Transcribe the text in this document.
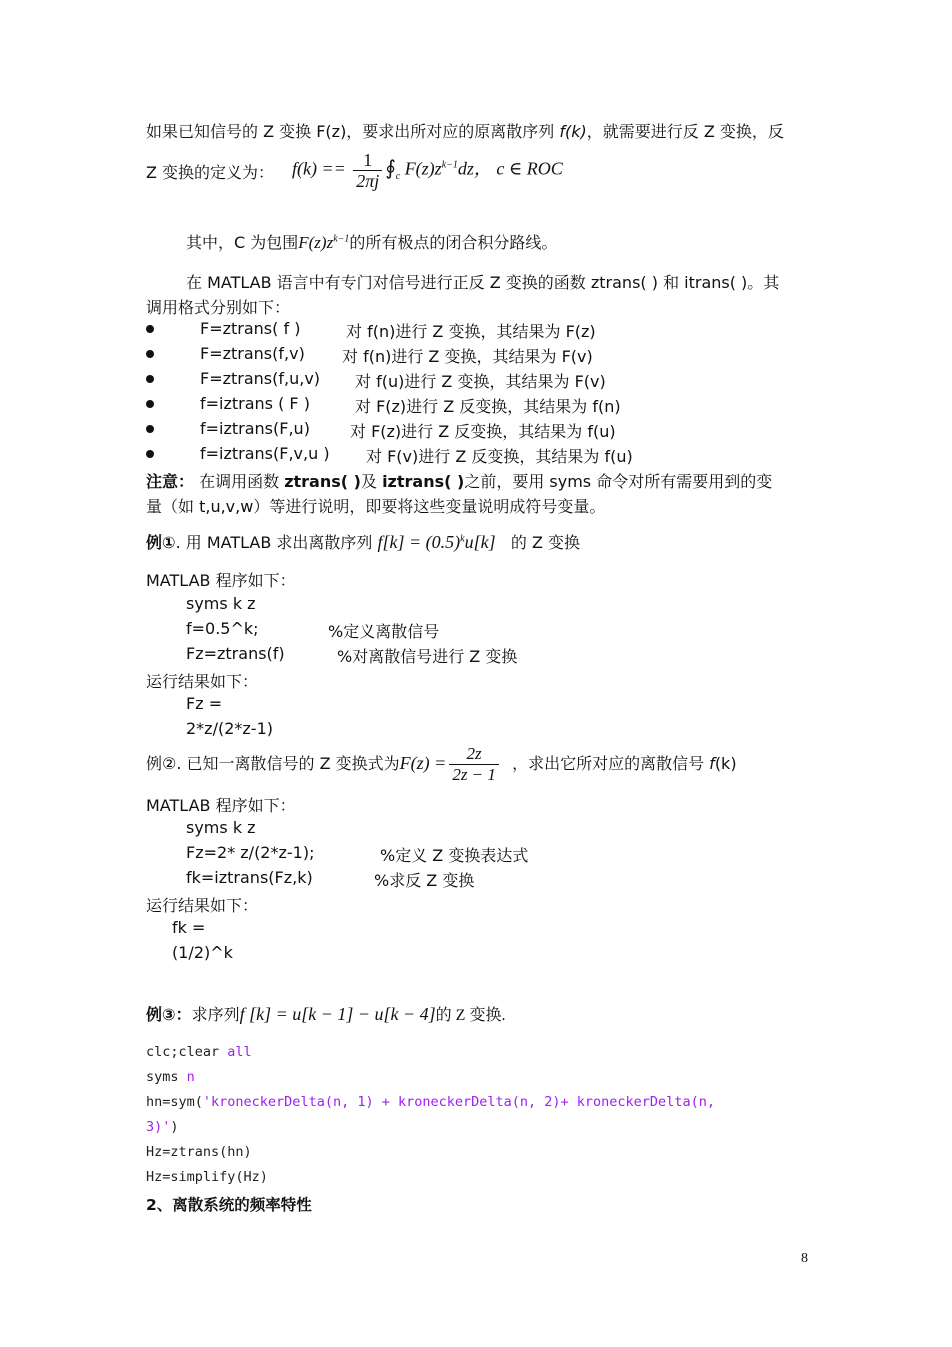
如果已知信号的 Z 变换 F(z)，要求出所对应的原离散序列 f(k)，就需要进行反 Z 变换，反
Z 变换的定义为： $f(k) == \frac{1}{2\pi j}$ $∮_c$ $F(z)z^{k-1}dz$， c ∈ ROC
其中，C 为包围$F(z)z^{k-1}$的所有极点的闭合积分路线。
在 MATLAB 语言中有专门对信号进行正反 Z 变换的函数 ztrans( ) 和 itrans( )。其
调用格式分别如下：
F=ztrans( f )	对 f(n)进行 Z 变换，其结果为 F(z)
F=ztrans(f,v) 对 f(n)进行 Z 变换，其结果为 F(v)
F=ztrans(f,u,v) 对 f(u)进行 Z 变换，其结果为 F(v)
f=iztrans ( F )	对 F(z)进行 Z 反变换，其结果为 f(n)
f=iztrans(F,u)	对 F(z)进行 Z 反变换，其结果为 f(u)
f=iztrans(F,v,u ) 对 F(v)进行 Z 反变换，其结果为 f(u)
注意： 在调用函数 ztrans( )及 iztrans( )之前，要用 syms 命令对所有需要用到的变
量（如 t,u,v,w）等进行说明，即要将这些变量说明成符号变量。
例①. 用 MATLAB 求出离散序列 $f[k] = (0.5)^ku[k]$ 的 Z 变换
MATLAB 程序如下：
syms k z
f=0.5^k;	%定义离散信号
Fz=ztrans(f)	%对离散信号进行 Z 变换
运行结果如下：
Fz =
2*z/(2*z-1)
例②. 已知一离散信号的 Z 变换式为$F(z) = \frac{2z}{2z - 1}$ ，求出它所对应的离散信号 f(k)
MATLAB 程序如下：
syms k z
Fz=2* z/(2*z-1);	%定义 Z 变换表达式
fk=iztrans(Fz,k)	%求反 Z 变换
运行结果如下：
fk =
(1/2)^k
例③：求序列f [k] = u[k − 1] − u[k − 4]的 Z 变换.
clc;clear all
syms n
hn=sym('kroneckerDelta(n, 1) + kroneckerDelta(n, 2)+ kroneckerDelta(n,
3)')
Hz=ztrans(hn)
Hz=simplify(Hz)
2、离散系统的频率特性
8
